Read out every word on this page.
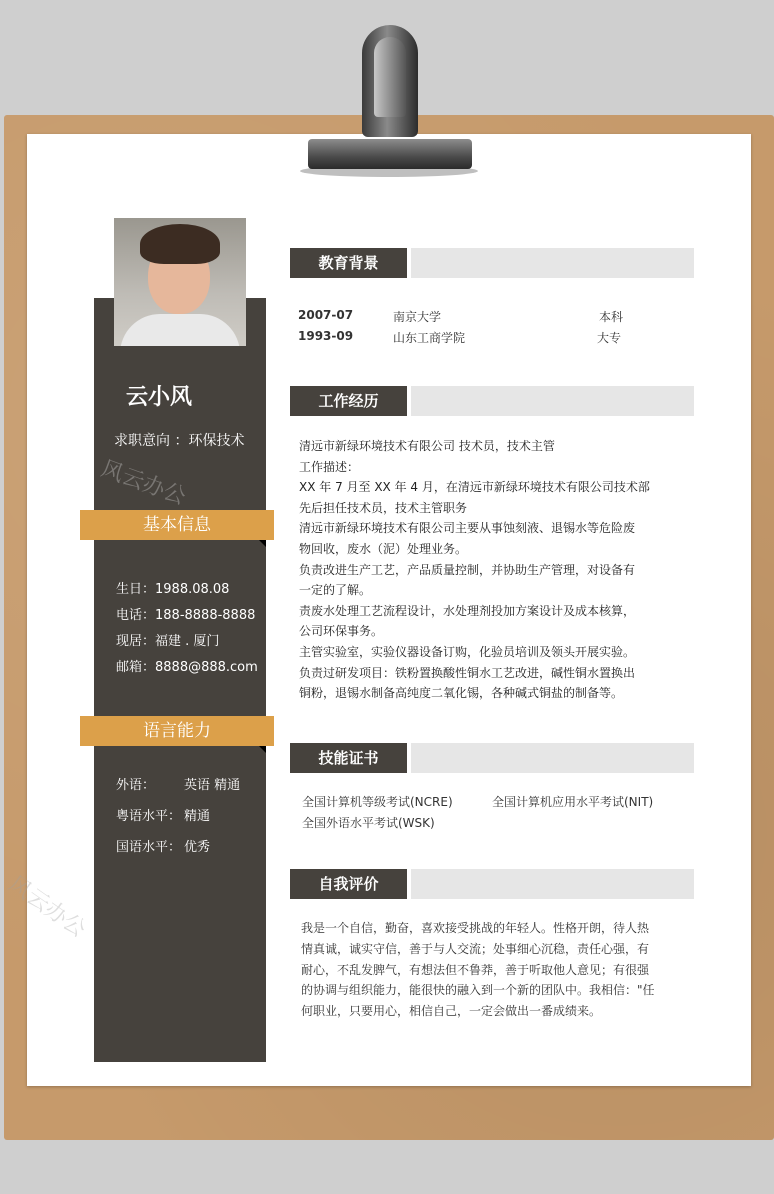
云小风
求职意向 ：环保技术
基本信息
生日：1988.08.08
电话：188-8888-8888
现居：福建 . 厦门
邮箱：8888@888.com
语言能力
外语： 英语 精通
粤语水平： 精通
国语水平： 优秀
教育背景
2007-07	南京大学	本科
1993-09	山东工商学院	大专
工作经历
清远市新绿环境技术有限公司 技术员，技术主管
工作描述：
XX 年 7 月至 XX 年 4 月，在清远市新绿环境技术有限公司技术部
先后担任技术员，技术主管职务
清远市新绿环境技术有限公司主要从事蚀刻液、退锡水等危险废
物回收，废水（泥）处理业务。
负责改进生产工艺，产品质量控制，并协助生产管理，对设备有
一定的了解。
责废水处理工艺流程设计，水处理剂投加方案设计及成本核算，
公司环保事务。
主管实验室，实验仪器设备订购，化验员培训及领头开展实验。
负责过研发项目：铁粉置换酸性铜水工艺改进，碱性铜水置换出
铜粉，退锡水制备高纯度二氧化锡，各种碱式铜盐的制备等。
技能证书
全国计算机等级考试(NCRE)	全国计算机应用水平考试(NIT)
全国外语水平考试(WSK)
自我评价
我是一个自信，勤奋，喜欢接受挑战的年轻人。性格开朗，待人热
情真诚，诚实守信，善于与人交流；处事细心沉稳，责任心强，有
耐心，不乱发脾气，有想法但不鲁莽，善于听取他人意见；有很强
的协调与组织能力，能很快的融入到一个新的团队中。我相信："任
何职业，只要用心，相信自己，一定会做出一番成绩来。
风云办公
风云办公
